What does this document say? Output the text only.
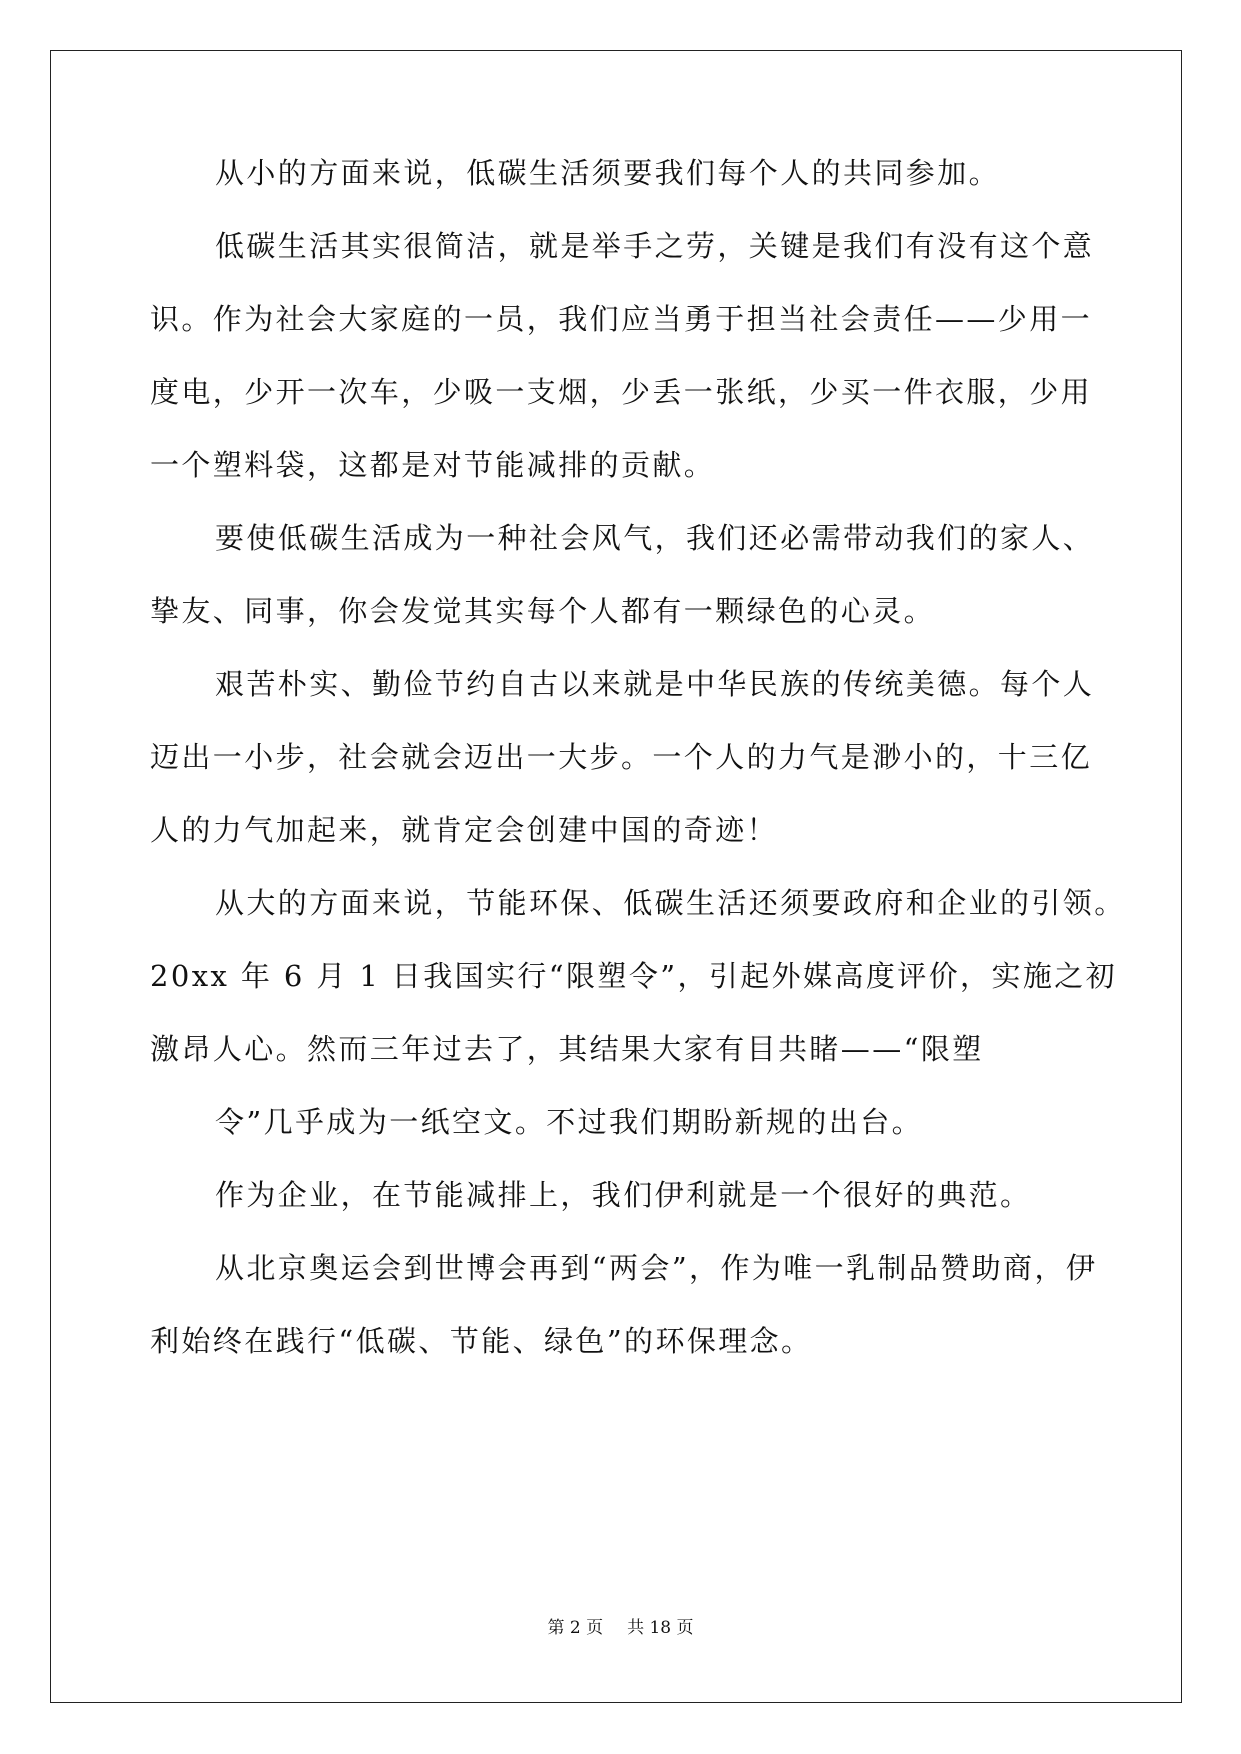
从小的方面来说，低碳生活须要我们每个人的共同参加。
低碳生活其实很简洁，就是举手之劳，关键是我们有没有这个意
识。作为社会大家庭的一员，我们应当勇于担当社会责任——少用一
度电，少开一次车，少吸一支烟，少丢一张纸，少买一件衣服，少用
一个塑料袋，这都是对节能减排的贡献。
要使低碳生活成为一种社会风气，我们还必需带动我们的家人、
挚友、同事，你会发觉其实每个人都有一颗绿色的心灵。
艰苦朴实、勤俭节约自古以来就是中华民族的传统美德。每个人
迈出一小步，社会就会迈出一大步。一个人的力气是渺小的，十三亿
人的力气加起来，就肯定会创建中国的奇迹！
从大的方面来说，节能环保、低碳生活还须要政府和企业的引领。
20xx 年 6 月 1 日我国实行“限塑令”，引起外媒高度评价，实施之初
激昂人心。然而三年过去了，其结果大家有目共睹——“限塑
令”几乎成为一纸空文。不过我们期盼新规的出台。
作为企业，在节能减排上，我们伊利就是一个很好的典范。
从北京奥运会到世博会再到“两会”，作为唯一乳制品赞助商，伊
利始终在践行“低碳、节能、绿色”的环保理念。
第 2 页 共 18 页
